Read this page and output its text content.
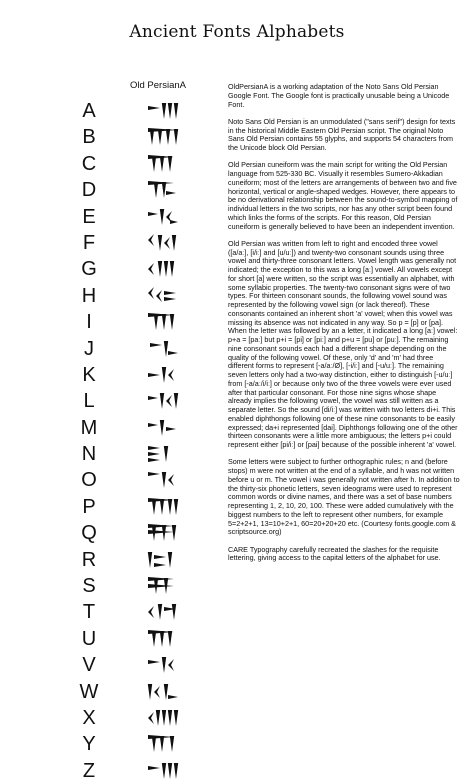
Ancient Fonts Alphabets
Old PersianA
A
B
C
D
E
F
G
H
I
J
K
L
M
N
O
P
Q
R
S
T
U
V
W
X
Y
Z

OldPersianA is a working adaptation of the Noto Sans Old Persian Google Font. The Google font is practically unusable being a Unicode Font.

Noto Sans Old Persian is an unmodulated ("sans serif") design for texts in the historical Middle Eastern Old Persian script. The original Noto Sans Old Persian contains 55 glyphs, and supports 54 characters from the Unicode block Old Persian.

Old Persian cuneiform was the main script for writing the Old Persian language from 525-330 BC. Visually it resembles Sumero-Akkadian cuneiform; most of the letters are arrangements of between two and five horizontal, vertical or angle-shaped wedges. However, there appears to be no derivational relationship between the sound-to-symbol mapping of individual letters in the two scripts, nor has any other script been found which links the forms of the scripts. For this reason, Old Persian cuneiform is generally believed to have been an independent invention.

Old Persian was written from left to right and encoded three vowel ([a/aː], [i/iː] and [u/uː]) and twenty-two consonant sounds using three vowel and thirty-three consonant letters. Vowel length was generally not indicated; the exception to this was a long [aː] vowel. All vowels except for short [a] were written, so the script was essentially an alphabet, with some syllabic properties. The twenty-two consonant signs were of two types. For thirteen consonant sounds, the following vowel sound was represented by the following vowel sign (or lack thereof). These consonants contained an inherent short 'a' vowel; when this vowel was missing its absence was not indicated in any way. So p = [p] or [pa]. When the letter was followed by an a letter, it indicated a long [aː] vowel: p+a = [paː] but p+i = [pi] or [piː] and p+u = [pu] or [puː]. The remaining nine consonant sounds each had a different shape depending on the quality of the following vowel. Of these, only 'd' and 'm' had three different forms to represent [-a/aː/Ø], [-i/iː] and [-u/uː]. The remaining seven letters only had a two-way distinction, either to distinguish [-u/uː] from [-a/aː/i/iː] or because only two of the three vowels were ever used after that particular consonant. For those nine signs whose shape already implies the following vowel, the vowel was still written as a separate letter. So the sound [di/iː] was written with two letters di+i. This enabled diphthongs following one of these nine consonants to be easily expressed; da+i represented [dai]. Diphthongs following one of the other thirteen consonants were a little more ambiguous; the letters p+i could represent either [pi/iː] or [pai] because of the possible inherent 'a' vowel.

Some letters were subject to further orthographic rules; n and (before stops) m were not written at the end of a syllable, and h was not written before u or m. The vowel i was generally not written after h. In addition to the thirty-six phonetic letters, seven ideograms were used to represent common words or divine names, and there was a set of base numbers representing 1, 2, 10, 20, 100. These were added cumulatively with the biggest numbers to the left to represent other numbers, for example 5=2+2+1, 13=10+2+1, 60=20+20+20 etc. (Courtesy fonts.google.com & scriptsource.org)

CARE Typography carefully recreated the slashes for the requisite lettering, giving access to the capital letters of the alphabet for use.
